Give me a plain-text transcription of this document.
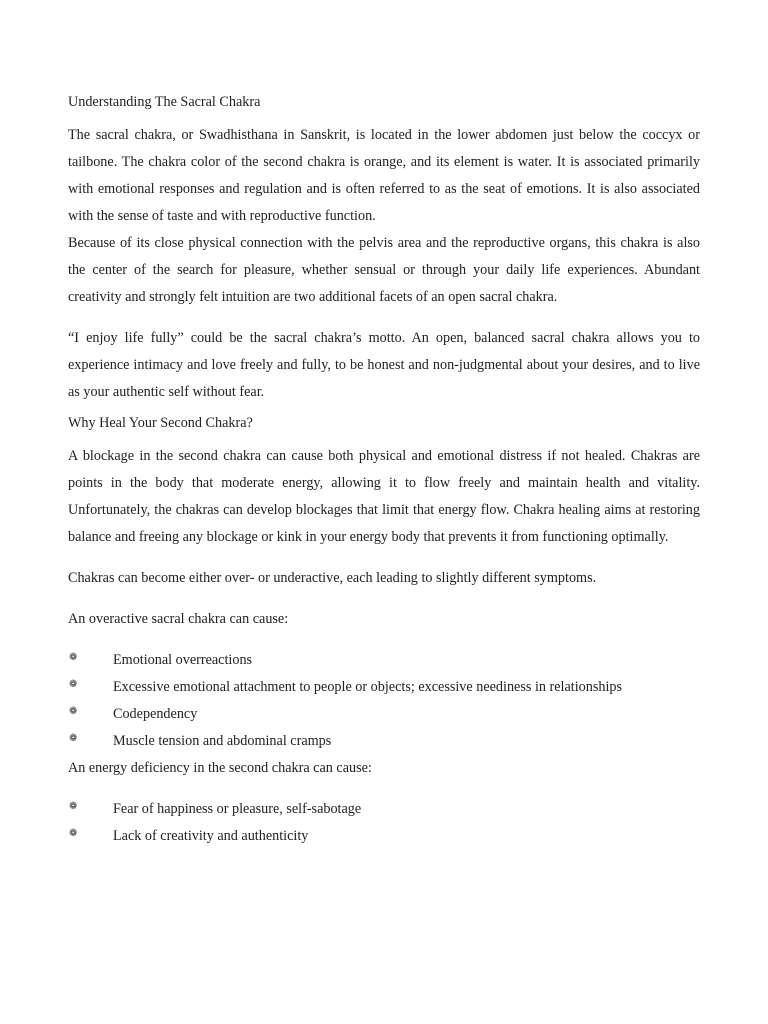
Understanding The Sacral Chakra

The sacral chakra, or Swadhisthana in Sanskrit, is located in the lower abdomen just below the coccyx or tailbone. The chakra color of the second chakra is orange, and its element is water. It is associated primarily with emotional responses and regulation and is often referred to as the seat of emotions. It is also associated with the sense of taste and with reproductive function.

Because of its close physical connection with the pelvis area and the reproductive organs, this chakra is also the center of the search for pleasure, whether sensual or through your daily life experiences. Abundant creativity and strongly felt intuition are two additional facets of an open sacral chakra.

“I enjoy life fully” could be the sacral chakra’s motto. An open, balanced sacral chakra allows you to experience intimacy and love freely and fully, to be honest and non-judgmental about your desires, and to live as your authentic self without fear.

Why Heal Your Second Chakra?

A blockage in the second chakra can cause both physical and emotional distress if not healed. Chakras are points in the body that moderate energy, allowing it to flow freely and maintain health and vitality. Unfortunately, the chakras can develop blockages that limit that energy flow. Chakra healing aims at restoring balance and freeing any blockage or kink in your energy body that prevents it from functioning optimally.

Chakras can become either over- or underactive, each leading to slightly different symptoms.

An overactive sacral chakra can cause:

❁	Emotional overreactions
❁	Excessive emotional attachment to people or objects; excessive neediness in relationships
❁	Codependency
❁	Muscle tension and abdominal cramps

An energy deficiency in the second chakra can cause:

❁	Fear of happiness or pleasure, self-sabotage
❁	Lack of creativity and authenticity
